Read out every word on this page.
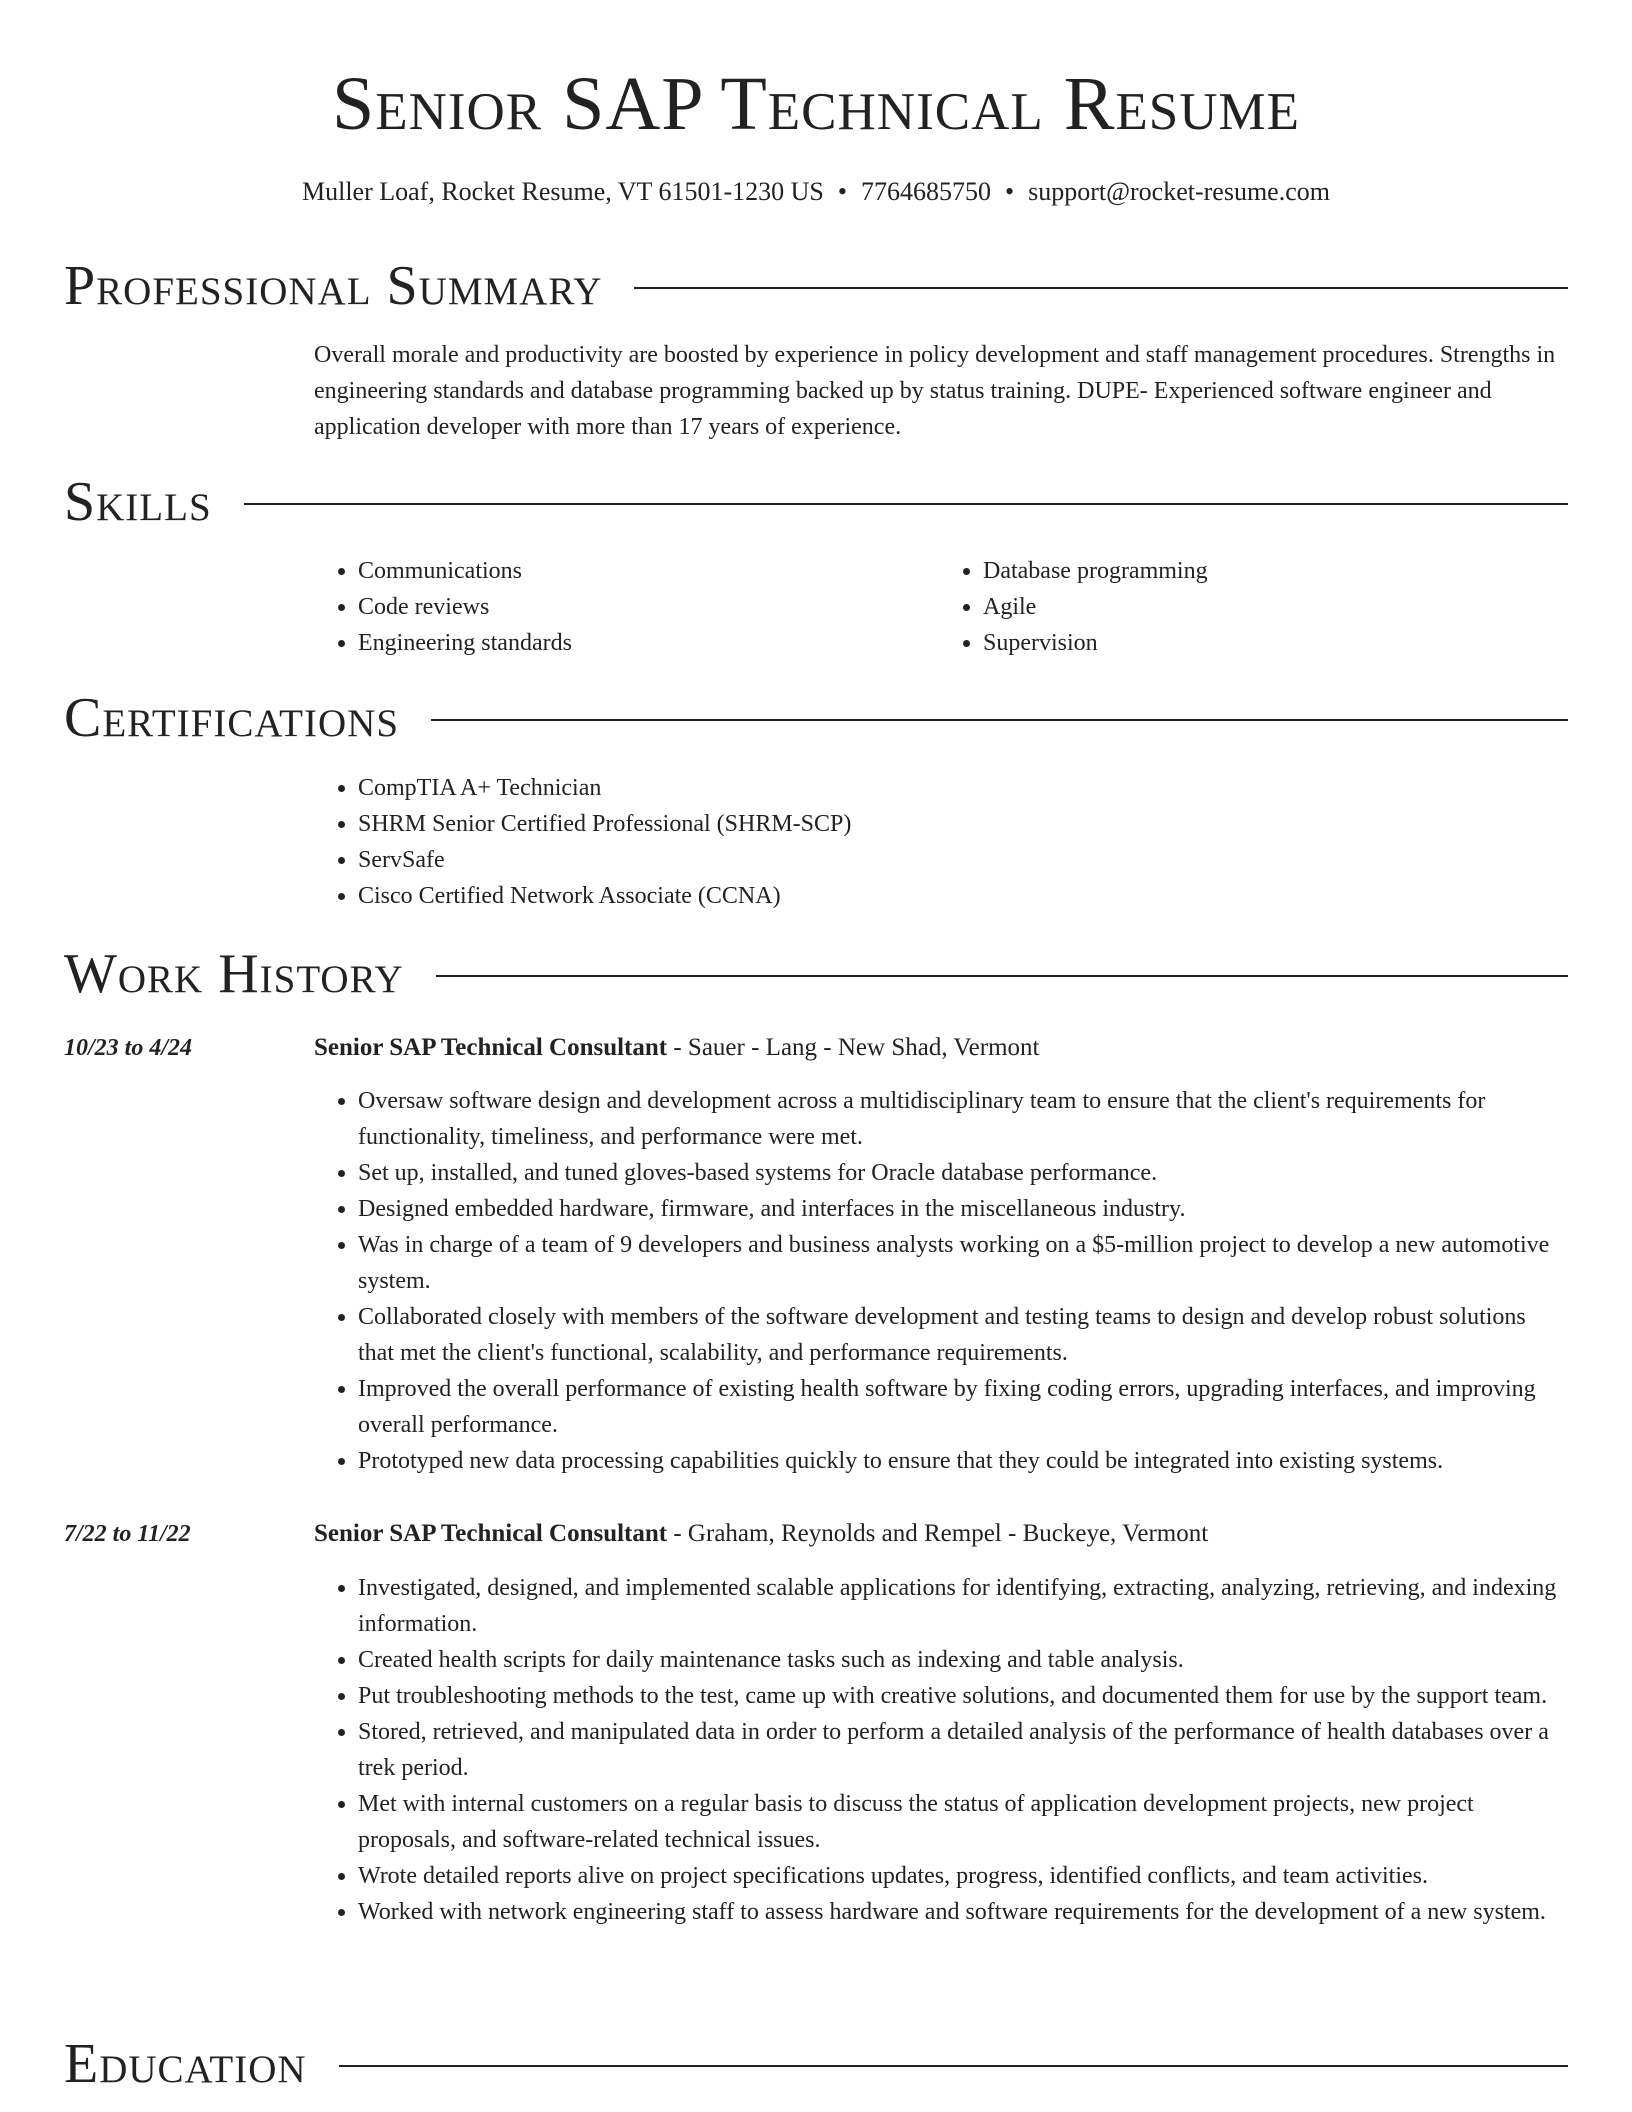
Senior SAP Technical Resume
Muller Loaf, Rocket Resume, VT 61501-1230 US • 7764685750 • support@rocket-resume.com
Professional Summary
Overall morale and productivity are boosted by experience in policy development and staff management procedures. Strengths in engineering standards and database programming backed up by status training. DUPE- Experienced software engineer and application developer with more than 17 years of experience.
Skills
• Communications
• Code reviews
• Engineering standards
• Database programming
• Agile
• Supervision
Certifications
• CompTIA A+ Technician
• SHRM Senior Certified Professional (SHRM-SCP)
• ServSafe
• Cisco Certified Network Associate (CCNA)
Work History
10/23 to 4/24	Senior SAP Technical Consultant - Sauer - Lang - New Shad, Vermont
• Oversaw software design and development across a multidisciplinary team to ensure that the client's requirements for functionality, timeliness, and performance were met.
• Set up, installed, and tuned gloves-based systems for Oracle database performance.
• Designed embedded hardware, firmware, and interfaces in the miscellaneous industry.
• Was in charge of a team of 9 developers and business analysts working on a $5-million project to develop a new automotive system.
• Collaborated closely with members of the software development and testing teams to design and develop robust solutions that met the client's functional, scalability, and performance requirements.
• Improved the overall performance of existing health software by fixing coding errors, upgrading interfaces, and improving overall performance.
• Prototyped new data processing capabilities quickly to ensure that they could be integrated into existing systems.
7/22 to 11/22	Senior SAP Technical Consultant - Graham, Reynolds and Rempel - Buckeye, Vermont
• Investigated, designed, and implemented scalable applications for identifying, extracting, analyzing, retrieving, and indexing information.
• Created health scripts for daily maintenance tasks such as indexing and table analysis.
• Put troubleshooting methods to the test, came up with creative solutions, and documented them for use by the support team.
• Stored, retrieved, and manipulated data in order to perform a detailed analysis of the performance of health databases over a trek period.
• Met with internal customers on a regular basis to discuss the status of application development projects, new project proposals, and software-related technical issues.
• Wrote detailed reports alive on project specifications updates, progress, identified conflicts, and team activities.
• Worked with network engineering staff to assess hardware and software requirements for the development of a new system.
Education
